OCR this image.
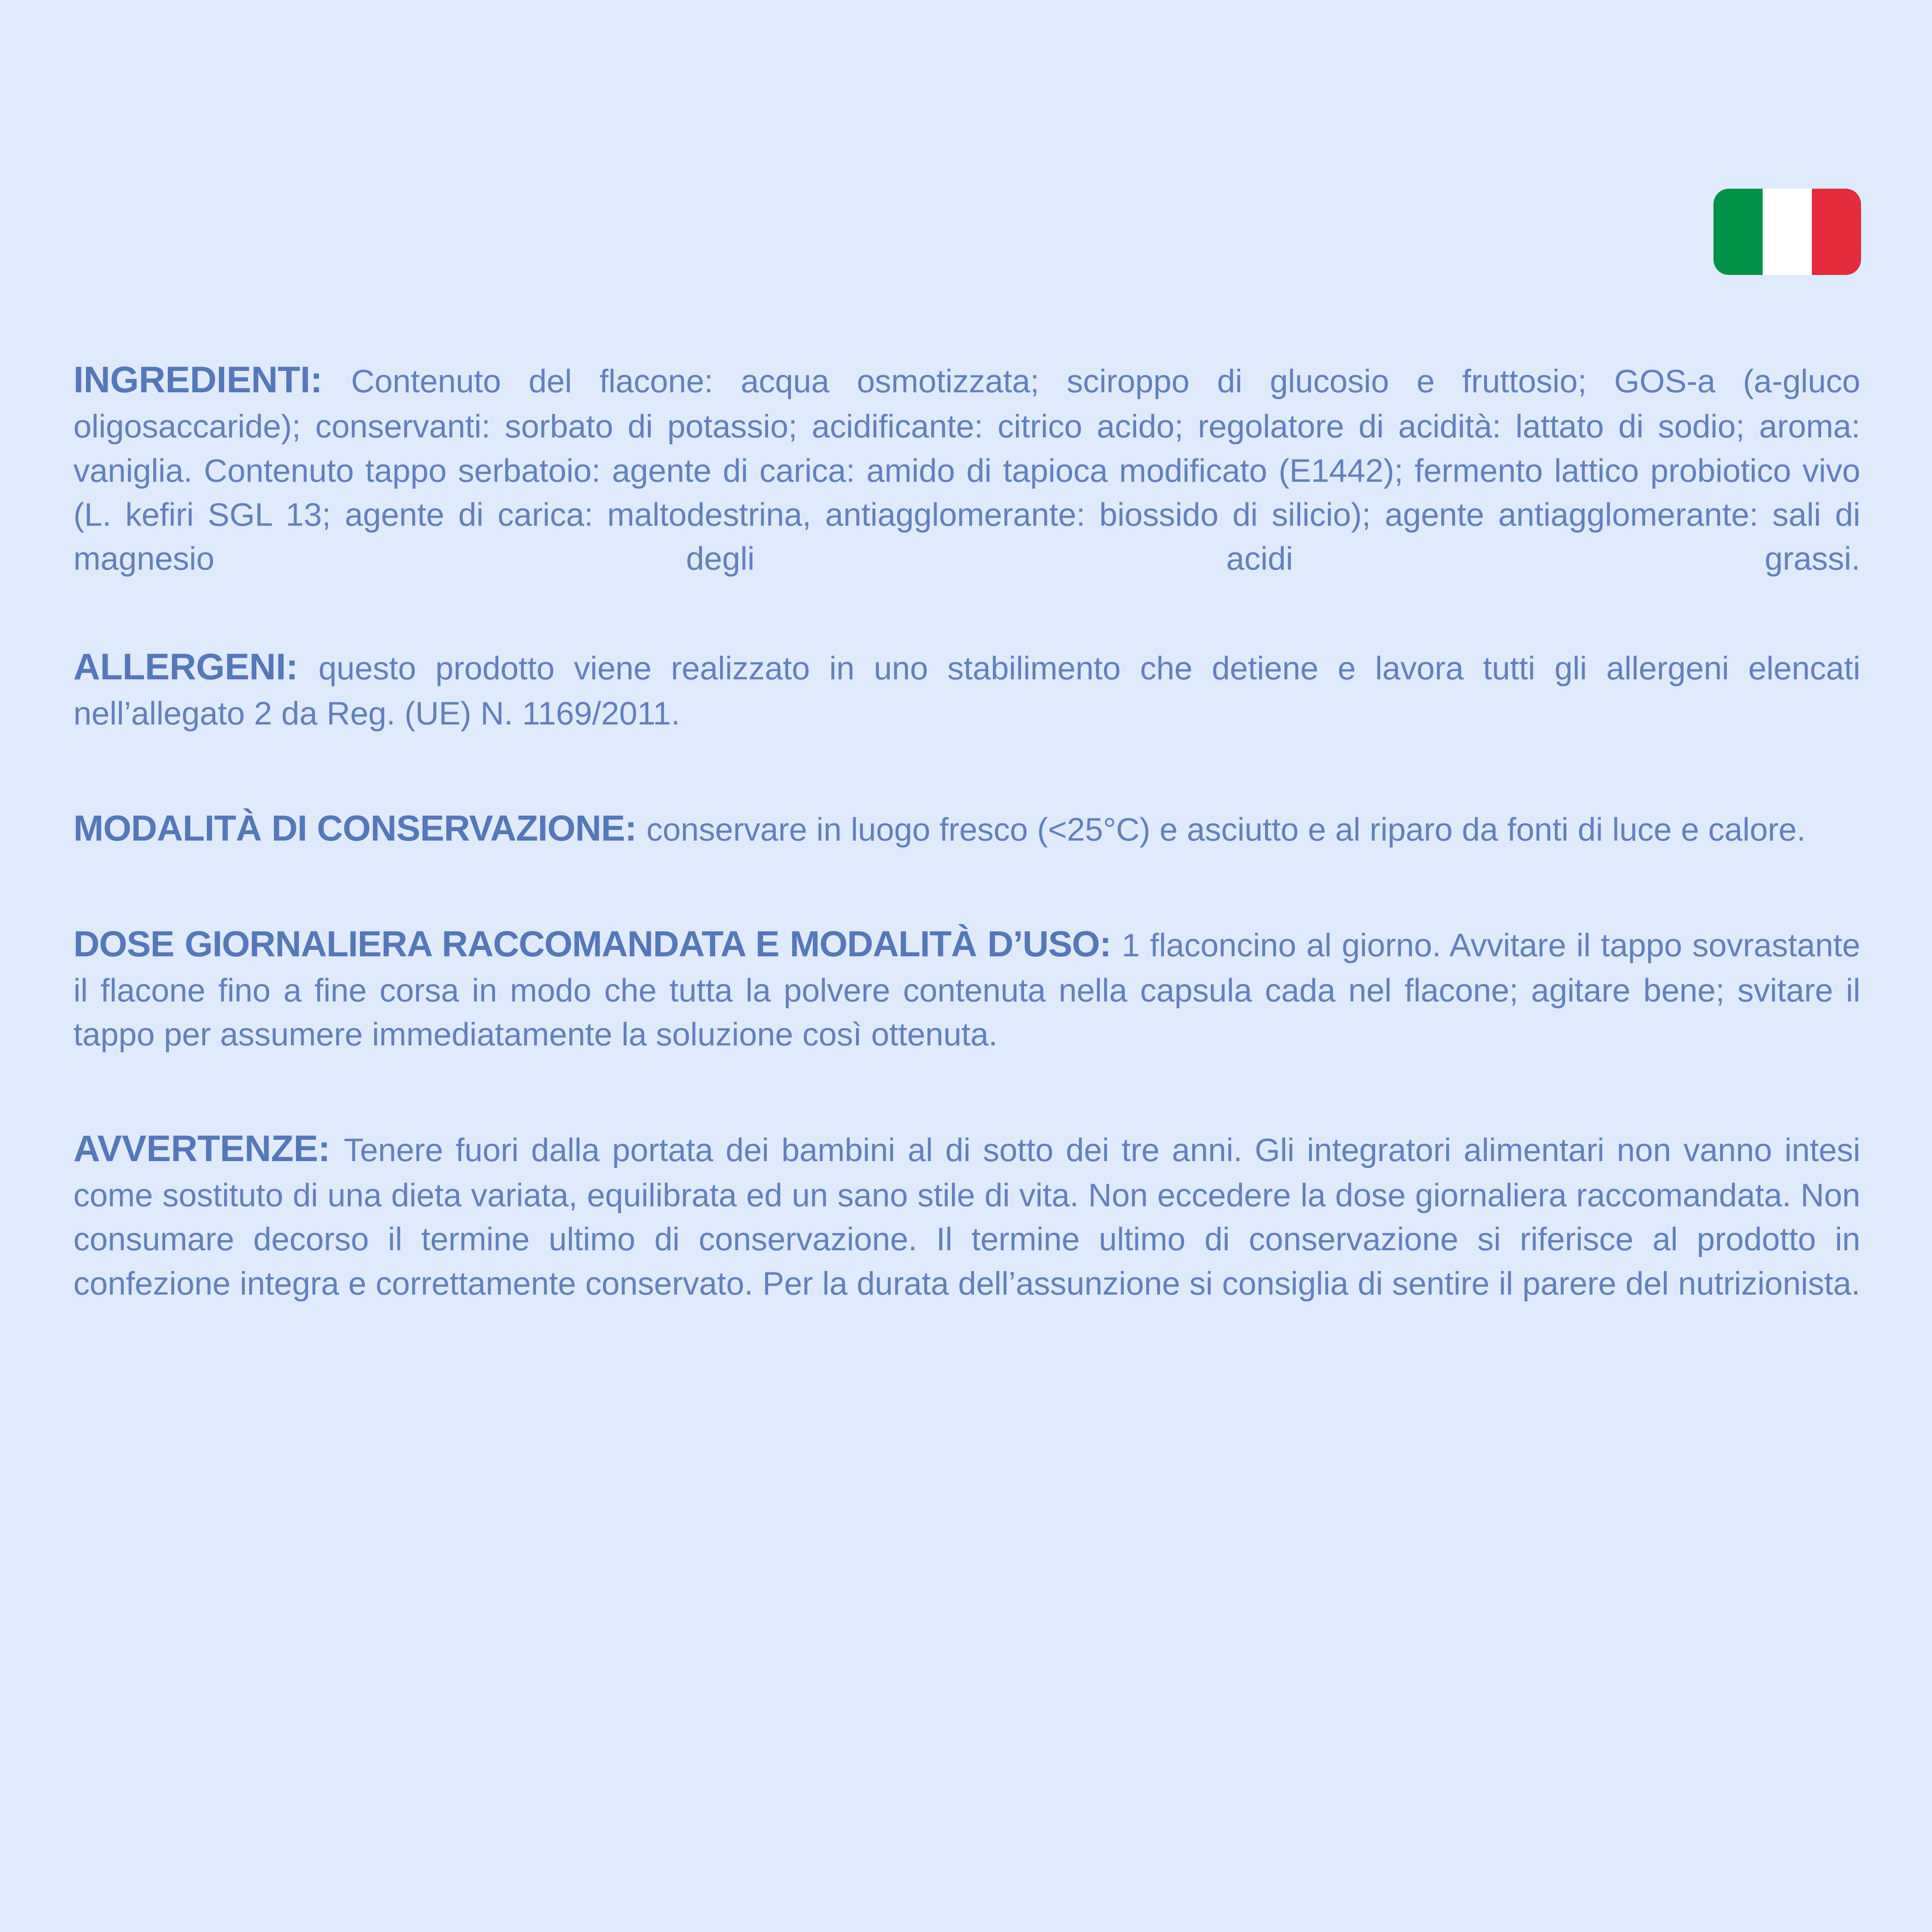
INGREDIENTI: Contenuto del flacone: acqua osmotizzata; sciroppo di glucosio e fruttosio; GOS-a (a-gluco oligosaccaride); conservanti: sorbato di potassio; acidificante: citrico acido; regolatore di acidità: lattato di sodio; aroma: vaniglia. Contenuto tappo serbatoio: agente di carica: amido di tapioca modificato (E1442); fermento lattico probiotico vivo (L. kefiri SGL 13; agente di carica: maltodestrina, antiagglomerante: biossido di silicio); agente antiagglomerante: sali di magnesio degli acidi grassi.

ALLERGENI: questo prodotto viene realizzato in uno stabilimento che detiene e lavora tutti gli allergeni elencati nell’allegato 2 da Reg. (UE) N. 1169/2011.

MODALITÀ DI CONSERVAZIONE: conservare in luogo fresco (<25°C) e asciutto e al riparo da fonti di luce e calore.

DOSE GIORNALIERA RACCOMANDATA E MODALITÀ D’USO: 1 flaconcino al giorno. Avvitare il tappo sovrastante il flacone fino a fine corsa in modo che tutta la polvere contenuta nella capsula cada nel flacone; agitare bene; svitare il tappo per assumere immediatamente la soluzione così ottenuta.

AVVERTENZE: Tenere fuori dalla portata dei bambini al di sotto dei tre anni. Gli integratori alimentari non vanno intesi come sostituto di una dieta variata, equilibrata ed un sano stile di vita. Non eccedere la dose giornaliera raccomandata. Non consumare decorso il termine ultimo di conservazione. Il termine ultimo di conservazione si riferisce al prodotto in confezione integra e correttamente conservato. Per la durata dell’assunzione si consiglia di sentire il parere del nutrizionista.
